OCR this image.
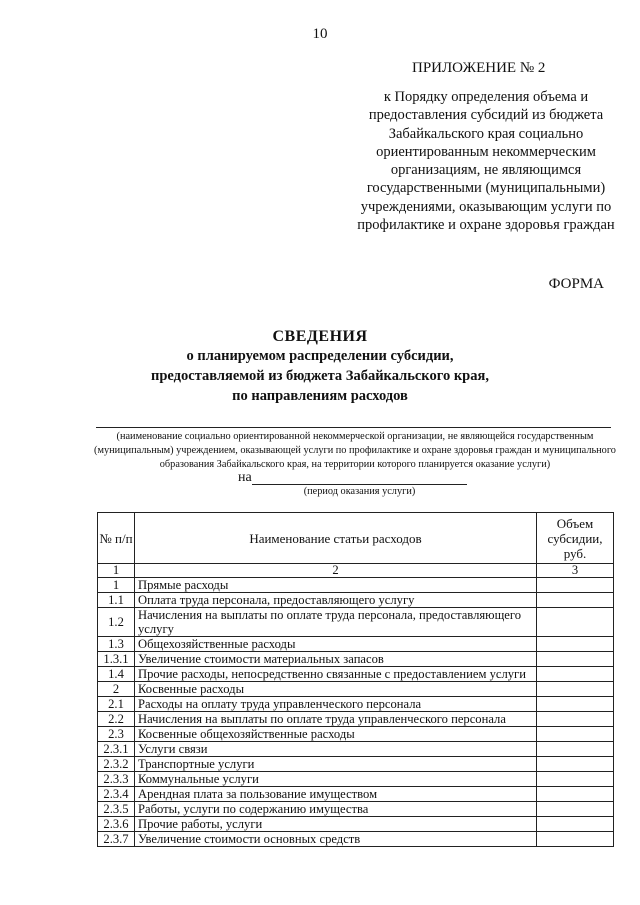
10
ПРИЛОЖЕНИЕ № 2
к Порядку определения объема и предоставления субсидий из бюджета Забайкальского края социально ориентированным некоммерческим организациям, не являющимся государственными (муниципальными) учреждениями, оказывающим услуги по профилактике и охране здоровья граждан
ФОРМА
СВЕДЕНИЯ
о планируемом распределении субсидии,
предоставляемой из бюджета Забайкальского края,
по направлениям расходов
(наименование социально ориентированной некоммерческой организации, не являющейся государственным (муниципальным) учреждением, оказывающей услуги по профилактике и охране здоровья граждан и муниципального образования Забайкальского края, на территории которого планируется оказание услуги)
на
(период оказания услуги)
№ п/п	Наименование статьи расходов	Объем субсидии, руб.
1	2	3
1	Прямые расходы	
1.1	Оплата труда персонала, предоставляющего услугу	
1.2	Начисления на выплаты по оплате труда персонала, предоставляющего услугу	
1.3	Общехозяйственные расходы	
1.3.1	Увеличение стоимости материальных запасов	
1.4	Прочие расходы, непосредственно связанные с предоставлением услуги	
2	Косвенные расходы	
2.1	Расходы на оплату труда управленческого персонала	
2.2	Начисления на выплаты по оплате труда управленческого персонала	
2.3	Косвенные общехозяйственные расходы	
2.3.1	Услуги связи	
2.3.2	Транспортные услуги	
2.3.3	Коммунальные услуги	
2.3.4	Арендная плата за пользование имуществом	
2.3.5	Работы, услуги по содержанию имущества	
2.3.6	Прочие работы, услуги	
2.3.7	Увеличение стоимости основных средств	
